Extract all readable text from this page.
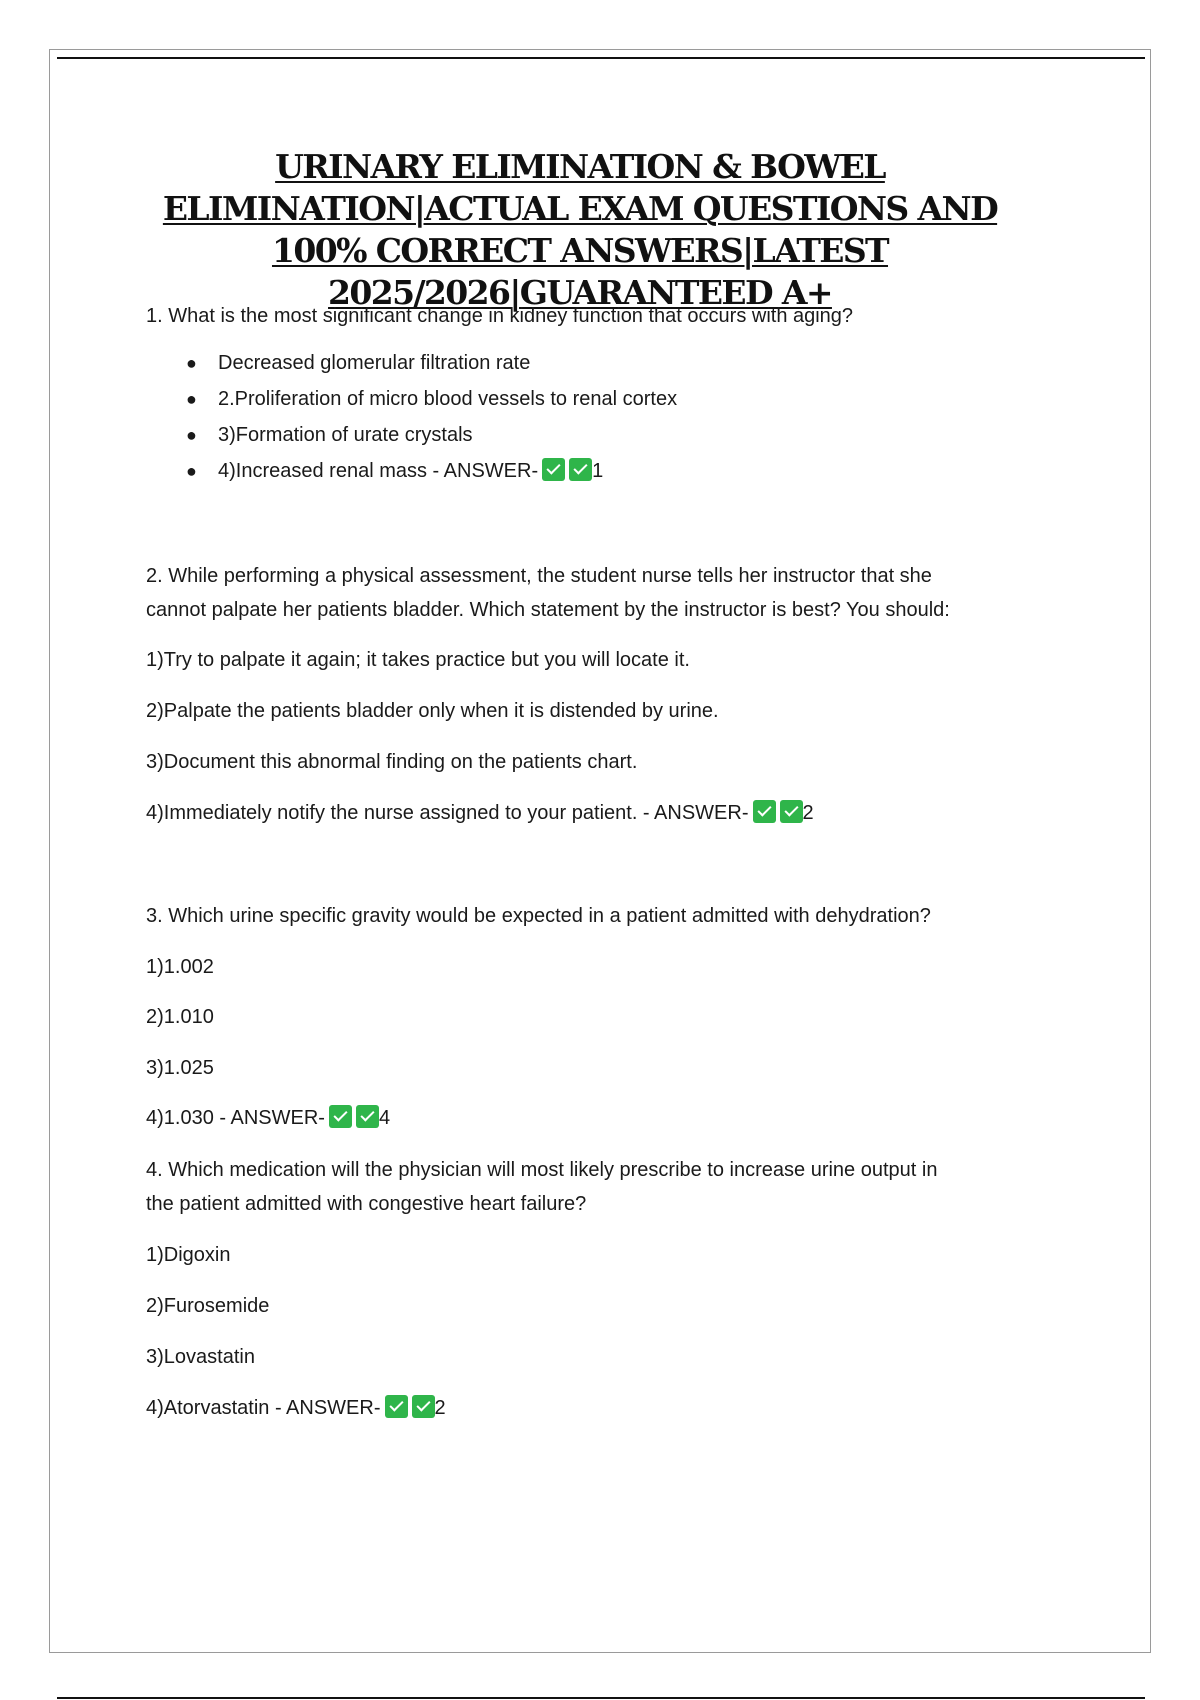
URINARY ELIMINATION & BOWEL
ELIMINATION|ACTUAL EXAM QUESTIONS AND
100% CORRECT ANSWERS|LATEST
2025/2026|GUARANTEED A+
1. What is the most significant change in kidney function that occurs with aging?
● Decreased glomerular filtration rate
● 2.Proliferation of micro blood vessels to renal cortex
● 3)Formation of urate crystals
● 4)Increased renal mass - ANSWER-	1
2. While performing a physical assessment, the student nurse tells her instructor that she
cannot palpate her patients bladder. Which statement by the instructor is best? You should:
1)Try to palpate it again; it takes practice but you will locate it.
2)Palpate the patients bladder only when it is distended by urine.
3)Document this abnormal finding on the patients chart.
4)Immediately notify the nurse assigned to your patient. - ANSWER-	2
3. Which urine specific gravity would be expected in a patient admitted with dehydration?
1)1.002
2)1.010
3)1.025
4)1.030 - ANSWER-	4
4. Which medication will the physician will most likely prescribe to increase urine output in
the patient admitted with congestive heart failure?
1)Digoxin
2)Furosemide
3)Lovastatin
4)Atorvastatin - ANSWER-	2
